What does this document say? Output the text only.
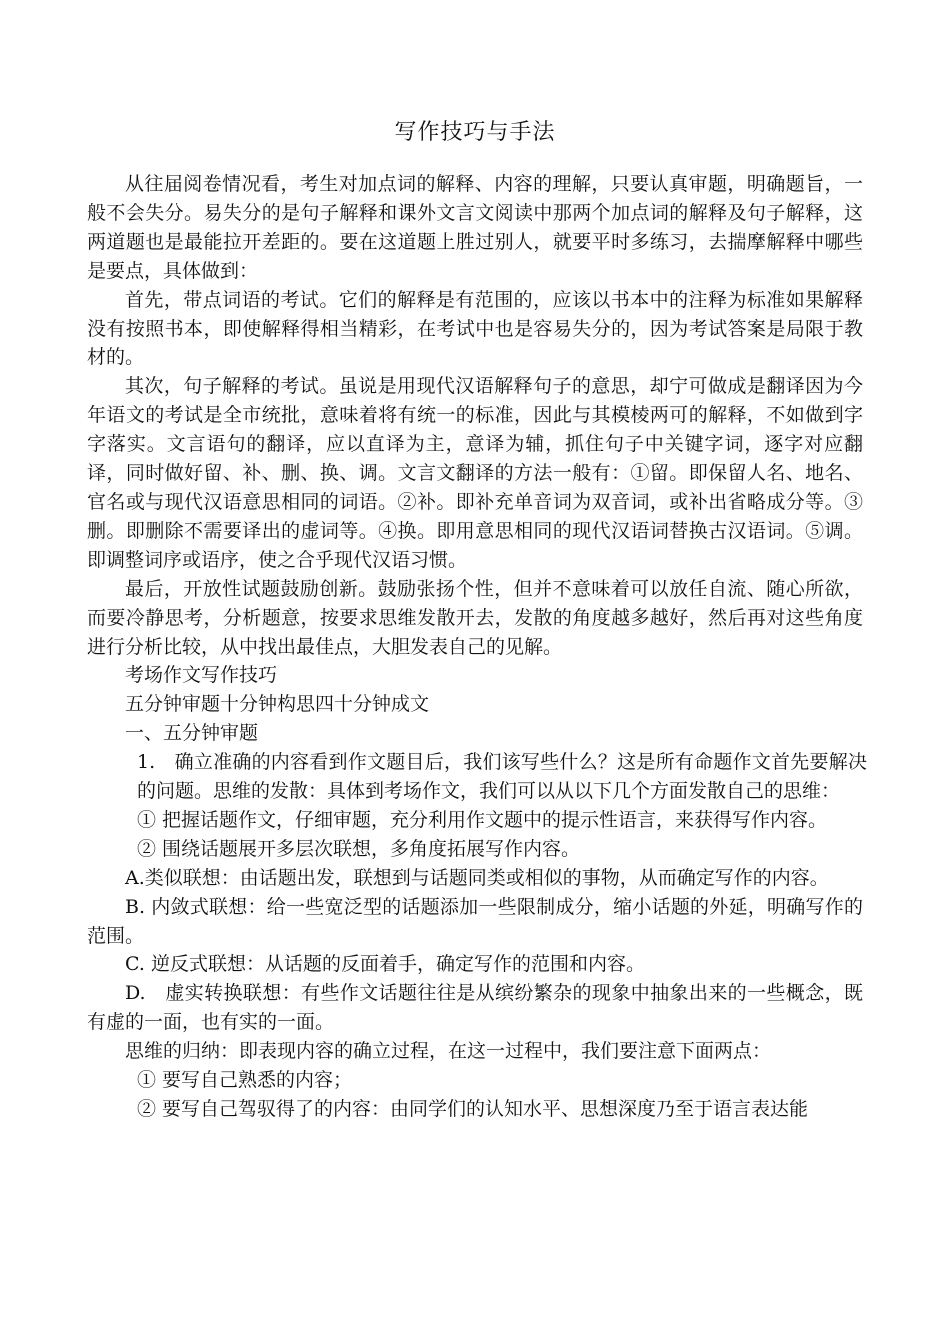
写作技巧与手法

从往届阅卷情况看，考生对加点词的解释、内容的理解，只要认真审题，明确题旨，一般不会失分。易失分的是句子解释和课外文言文阅读中那两个加点词的解释及句子解释，这两道题也是最能拉开差距的。要在这道题上胜过别人，就要平时多练习，去揣摩解释中哪些是要点，具体做到：

首先，带点词语的考试。它们的解释是有范围的，应该以书本中的注释为标准如果解释没有按照书本，即使解释得相当精彩，在考试中也是容易失分的，因为考试答案是局限于教材的。

其次，句子解释的考试。虽说是用现代汉语解释句子的意思，却宁可做成是翻译因为今年语文的考试是全市统批，意味着将有统一的标准，因此与其模棱两可的解释，不如做到字字落实。文言语句的翻译，应以直译为主，意译为辅，抓住句子中关键字词，逐字对应翻译，同时做好留、补、删、换、调。文言文翻译的方法一般有：①留。即保留人名、地名、官名或与现代汉语意思相同的词语。②补。即补充单音词为双音词，或补出省略成分等。③删。即删除不需要译出的虚词等。④换。即用意思相同的现代汉语词替换古汉语词。⑤调。即调整词序或语序，使之合乎现代汉语习惯。

最后，开放性试题鼓励创新。鼓励张扬个性，但并不意味着可以放任自流、随心所欲，而要冷静思考，分析题意，按要求思维发散开去，发散的角度越多越好，然后再对这些角度进行分析比较，从中找出最佳点，大胆发表自己的见解。

考场作文写作技巧

五分钟审题十分钟构思四十分钟成文

一、五分钟审题

1.　确立准确的内容看到作文题目后，我们该写些什么？这是所有命题作文首先要解决的问题。思维的发散：具体到考场作文，我们可以从以下几个方面发散自己的思维：

① 把握话题作文，仔细审题，充分利用作文题中的提示性语言，来获得写作内容。

② 围绕话题展开多层次联想，多角度拓展写作内容。

A.类似联想：由话题出发，联想到与话题同类或相似的事物，从而确定写作的内容。

B. 内敛式联想：给一些宽泛型的话题添加一些限制成分，缩小话题的外延，明确写作的范围。

C. 逆反式联想：从话题的反面着手，确定写作的范围和内容。

D.　虚实转换联想：有些作文话题往往是从缤纷繁杂的现象中抽象出来的一些概念，既有虚的一面，也有实的一面。

思维的归纳：即表现内容的确立过程，在这一过程中，我们要注意下面两点：

① 要写自己熟悉的内容；

② 要写自己驾驭得了的内容：由同学们的认知水平、思想深度乃至于语言表达能
